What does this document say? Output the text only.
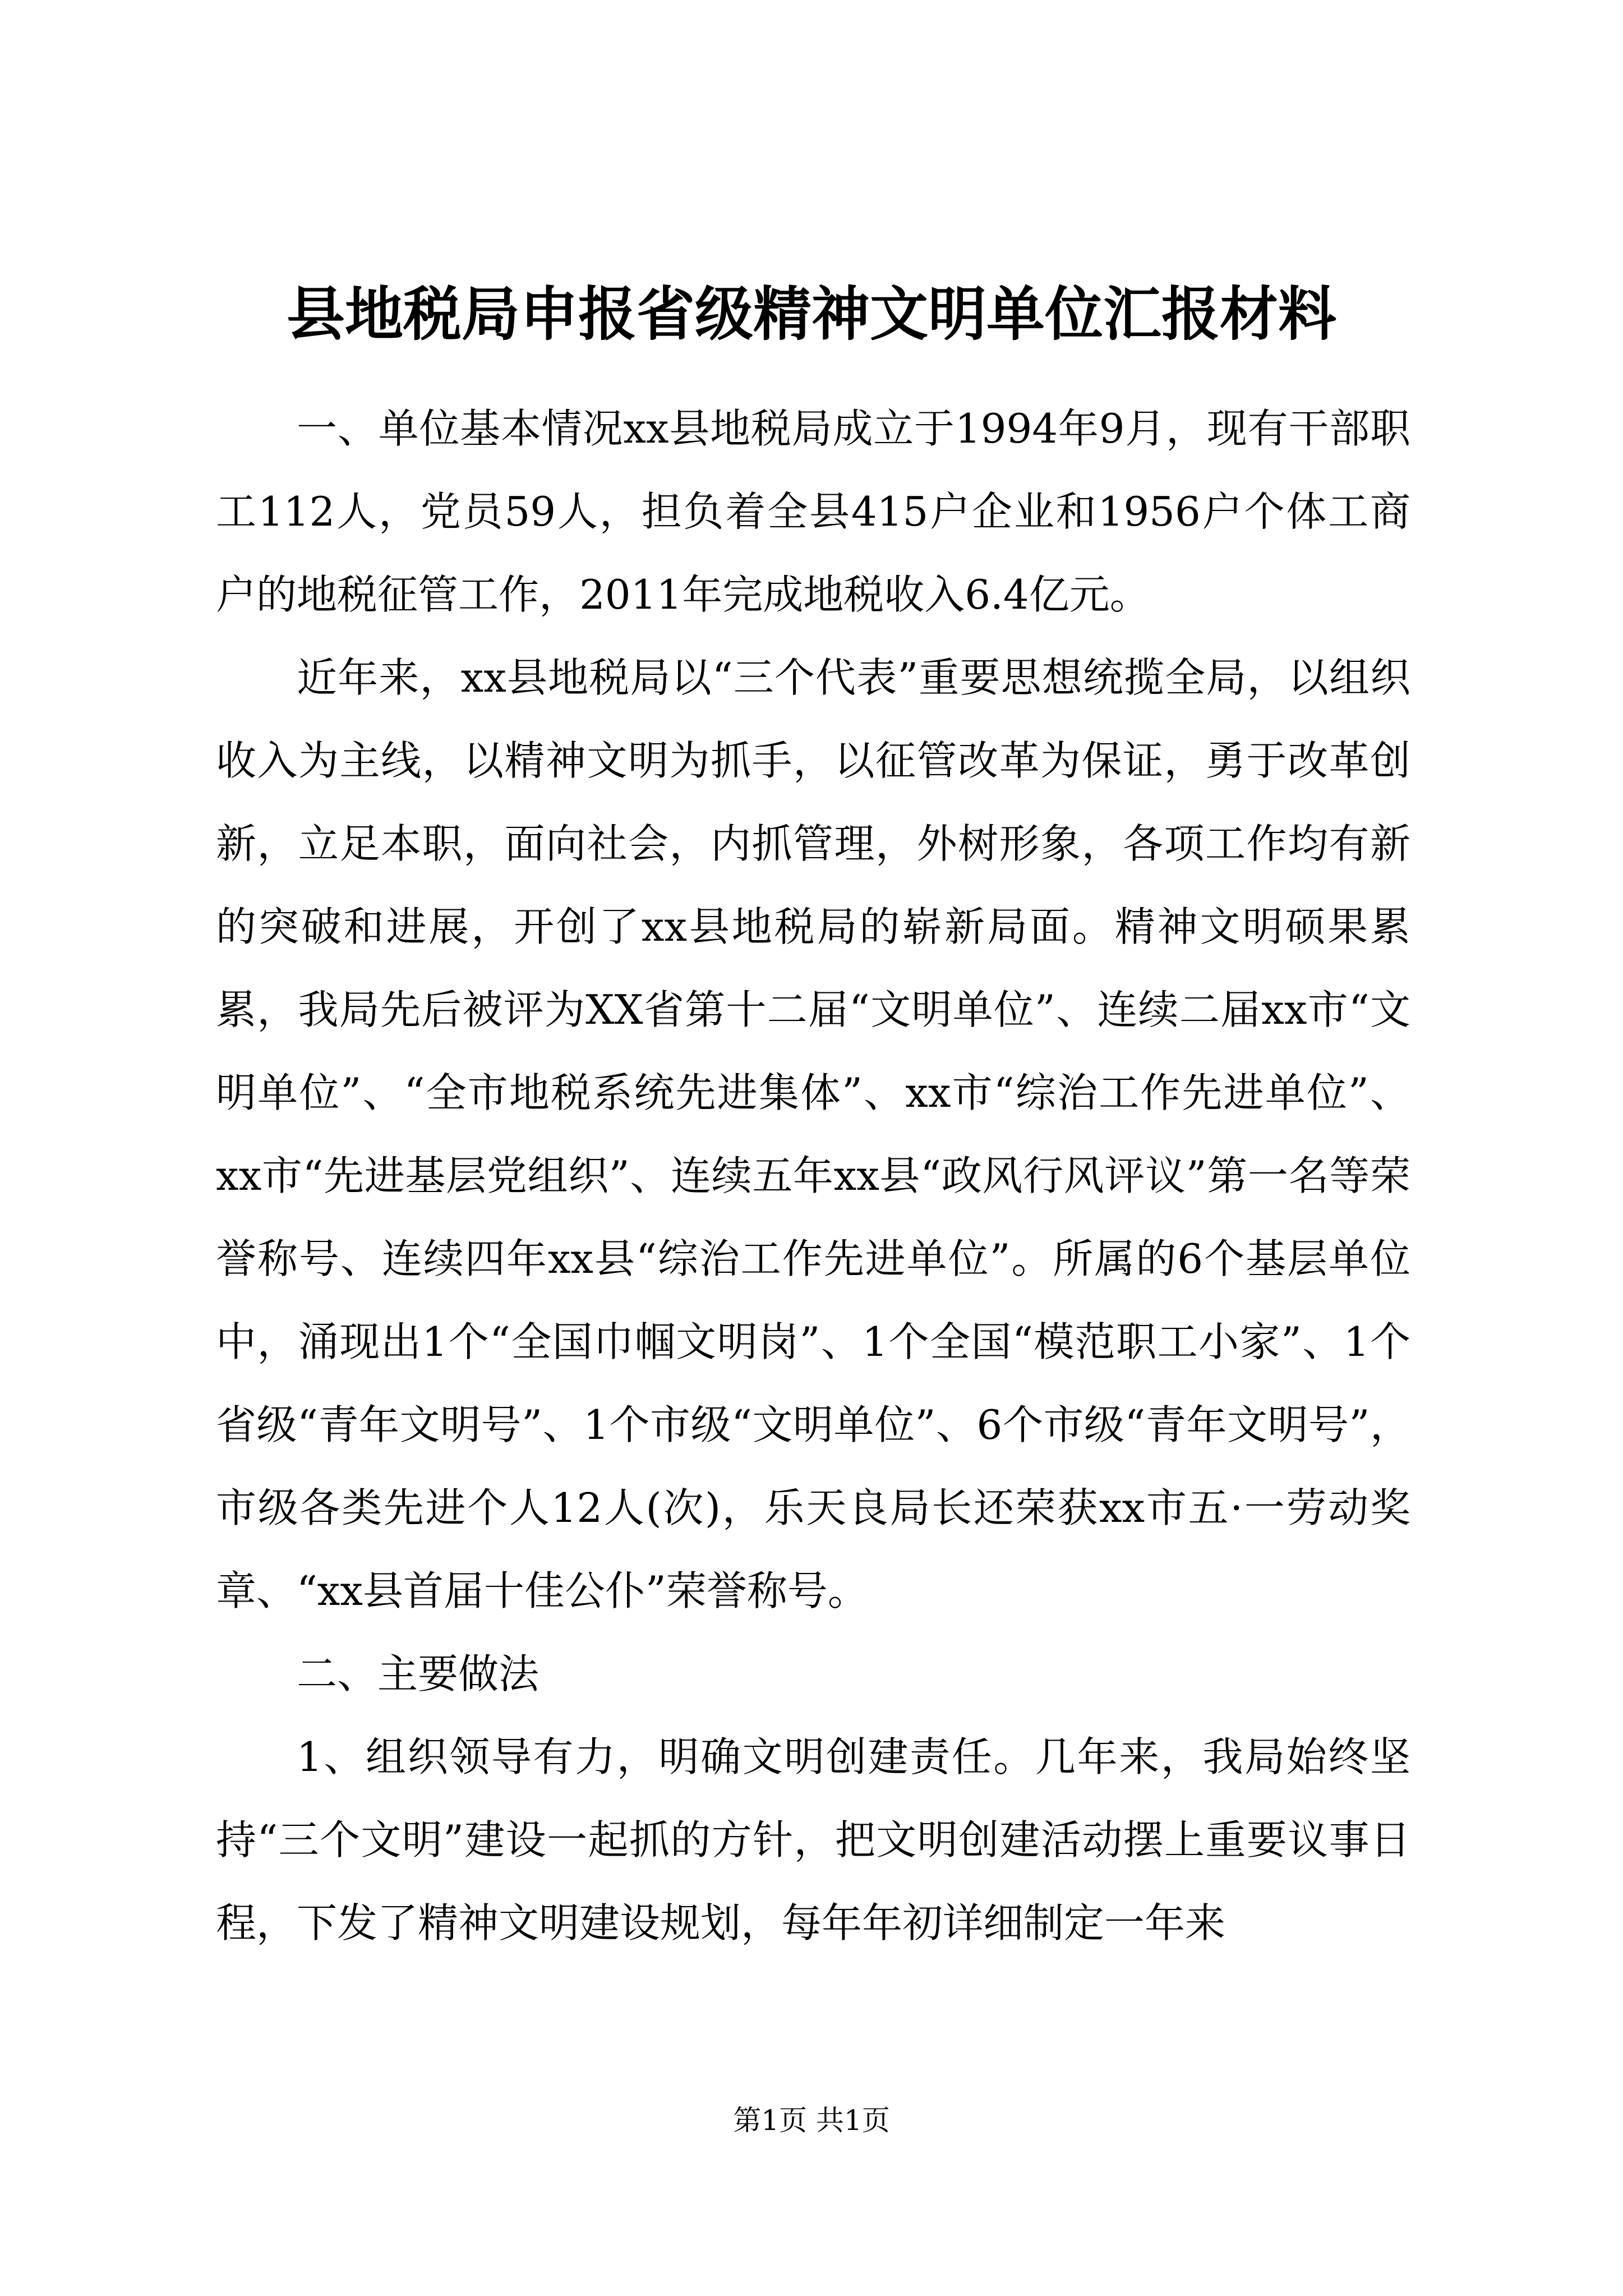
县地税局申报省级精神文明单位汇报材料

一、单位基本情况xx县地税局成立于1994年9月，现有干部职工112人，党员59人，担负着全县415户企业和1956户个体工商户的地税征管工作，2011年完成地税收入6.4亿元。

近年来，xx县地税局以“三个代表”重要思想统揽全局，以组织收入为主线，以精神文明为抓手，以征管改革为保证，勇于改革创新，立足本职，面向社会，内抓管理，外树形象，各项工作均有新的突破和进展，开创了xx县地税局的崭新局面。精神文明硕果累累，我局先后被评为XX省第十二届“文明单位”、连续二届xx市“文明单位”、“全市地税系统先进集体”、xx市“综治工作先进单位”、xx市“先进基层党组织”、连续五年xx县“政风行风评议”第一名等荣誉称号、连续四年xx县“综治工作先进单位”。所属的6个基层单位中，涌现出1个“全国巾帼文明岗”、1个全国“模范职工小家”、1个省级“青年文明号”、1个市级“文明单位”、6个市级“青年文明号”，市级各类先进个人12人(次)，乐天良局长还荣获xx市五·一劳动奖章、“xx县首届十佳公仆”荣誉称号。

二、主要做法

1、组织领导有力，明确文明创建责任。几年来，我局始终坚持“三个文明”建设一起抓的方针，把文明创建活动摆上重要议事日程，下发了精神文明建设规划，每年年初详细制定一年来

第1页 共1页
